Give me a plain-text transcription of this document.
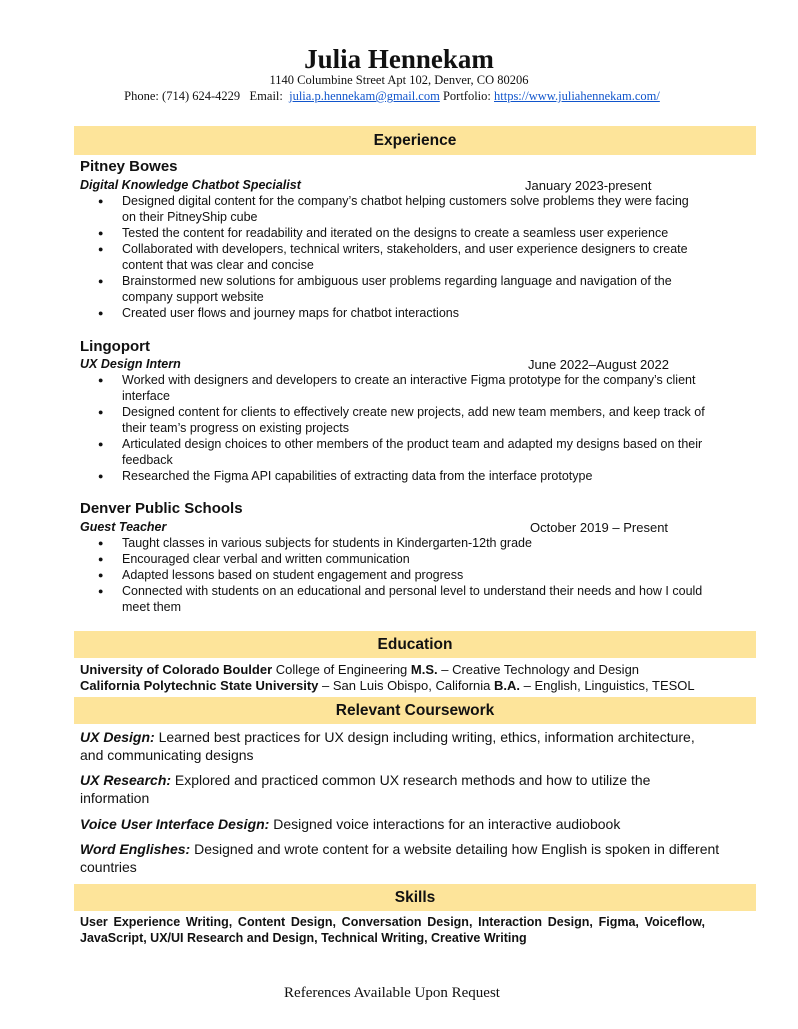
Julia Hennekam
1140 Columbine Street Apt 102, Denver, CO 80206
Phone: (714) 624-4229 Email: julia.p.hennekam@gmail.com Portfolio: https://www.juliahennekam.com/
Experience
Pitney Bowes
Digital Knowledge Chatbot Specialist	January 2023-present
● Designed digital content for the company’s chatbot helping customers solve problems they were facing on their PitneyShip cube
● Tested the content for readability and iterated on the designs to create a seamless user experience
● Collaborated with developers, technical writers, stakeholders, and user experience designers to create content that was clear and concise
● Brainstormed new solutions for ambiguous user problems regarding language and navigation of the company support website
● Created user flows and journey maps for chatbot interactions
Lingoport
UX Design Intern	June 2022–August 2022
● Worked with designers and developers to create an interactive Figma prototype for the company’s client interface
● Designed content for clients to effectively create new projects, add new team members, and keep track of their team’s progress on existing projects
● Articulated design choices to other members of the product team and adapted my designs based on their feedback
● Researched the Figma API capabilities of extracting data from the interface prototype
Denver Public Schools
Guest Teacher	October 2019 – Present
● Taught classes in various subjects for students in Kindergarten-12th grade
● Encouraged clear verbal and written communication
● Adapted lessons based on student engagement and progress
● Connected with students on an educational and personal level to understand their needs and how I could meet them
Education
University of Colorado Boulder College of Engineering M.S. – Creative Technology and Design
California Polytechnic State University – San Luis Obispo, California B.A. – English, Linguistics, TESOL
Relevant Coursework
UX Design: Learned best practices for UX design including writing, ethics, information architecture, and communicating designs
UX Research: Explored and practiced common UX research methods and how to utilize the information
Voice User Interface Design: Designed voice interactions for an interactive audiobook
Word Englishes: Designed and wrote content for a website detailing how English is spoken in different countries
Skills
User Experience Writing, Content Design, Conversation Design, Interaction Design, Figma, Voiceflow, JavaScript, UX/UI Research and Design, Technical Writing, Creative Writing
References Available Upon Request
